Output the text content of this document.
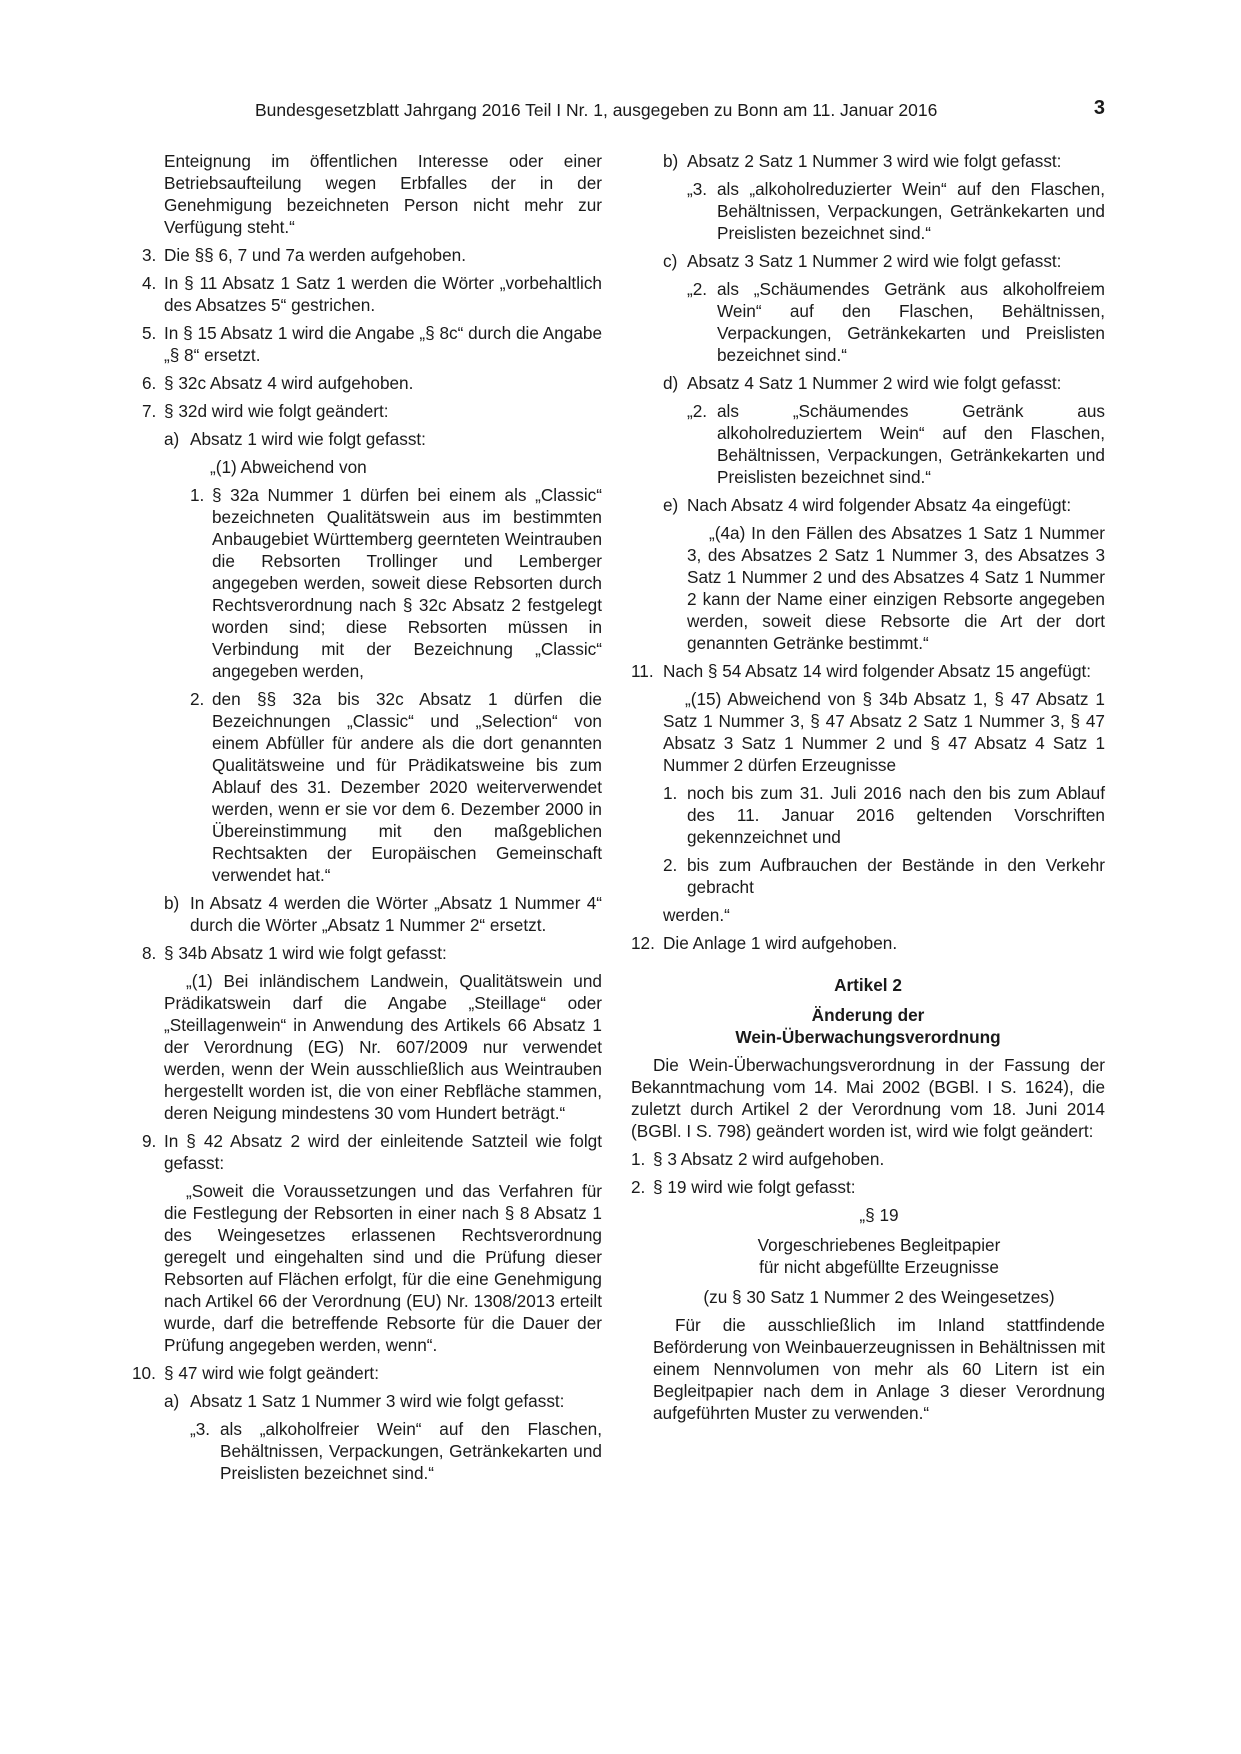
Bundesgesetzblatt Jahrgang 2016 Teil I Nr. 1, ausgegeben zu Bonn am 11. Januar 2016	3

Enteignung im öffentlichen Interesse oder einer Betriebsaufteilung wegen Erbfalles der in der Genehmigung bezeichneten Person nicht mehr zur Verfügung steht.“

3. Die §§ 6, 7 und 7a werden aufgehoben.
4. In § 11 Absatz 1 Satz 1 werden die Wörter „vorbehaltlich des Absatzes 5“ gestrichen.
5. In § 15 Absatz 1 wird die Angabe „§ 8c“ durch die Angabe „§ 8“ ersetzt.
6. § 32c Absatz 4 wird aufgehoben.
7. § 32d wird wie folgt geändert:
a) Absatz 1 wird wie folgt gefasst:

„(1) Abweichend von

1. § 32a Nummer 1 dürfen bei einem als „Classic“ bezeichneten Qualitätswein aus im bestimmten Anbaugebiet Württemberg geernteten Weintrauben die Rebsorten Trollinger und Lemberger angegeben werden, soweit diese Rebsorten durch Rechtsverordnung nach § 32c Absatz 2 festgelegt worden sind; diese Rebsorten müssen in Verbindung mit der Bezeichnung „Classic“ angegeben werden,
2. den §§ 32a bis 32c Absatz 1 dürfen die Bezeichnungen „Classic“ und „Selection“ von einem Abfüller für andere als die dort genannten Qualitätsweine und für Prädikatsweine bis zum Ablauf des 31. Dezember 2020 weiterverwendet werden, wenn er sie vor dem 6. Dezember 2000 in Übereinstimmung mit den maßgeblichen Rechtsakten der Europäischen Gemeinschaft verwendet hat.“
b) In Absatz 4 werden die Wörter „Absatz 1 Nummer 4“ durch die Wörter „Absatz 1 Nummer 2“ ersetzt.
8. § 34b Absatz 1 wird wie folgt gefasst:

„(1) Bei inländischem Landwein, Qualitätswein und Prädikatswein darf die Angabe „Steillage“ oder „Steillagenwein“ in Anwendung des Artikels 66 Absatz 1 der Verordnung (EG) Nr. 607/2009 nur verwendet werden, wenn der Wein ausschließlich aus Weintrauben hergestellt worden ist, die von einer Rebfläche stammen, deren Neigung mindestens 30 vom Hundert beträgt.“

9. In § 42 Absatz 2 wird der einleitende Satzteil wie folgt gefasst:

„Soweit die Voraussetzungen und das Verfahren für die Festlegung der Rebsorten in einer nach § 8 Absatz 1 des Weingesetzes erlassenen Rechtsverordnung geregelt und eingehalten sind und die Prüfung dieser Rebsorten auf Flächen erfolgt, für die eine Genehmigung nach Artikel 66 der Verordnung (EU) Nr. 1308/2013 erteilt wurde, darf die betreffende Rebsorte für die Dauer der Prüfung angegeben werden, wenn“.

10. § 47 wird wie folgt geändert:
a) Absatz 1 Satz 1 Nummer 3 wird wie folgt gefasst:
„3. als „alkoholfreier Wein“ auf den Flaschen, Behältnissen, Verpackungen, Getränkekarten und Preislisten bezeichnet sind.“
b) Absatz 2 Satz 1 Nummer 3 wird wie folgt gefasst:
„3. als „alkoholreduzierter Wein“ auf den Flaschen, Behältnissen, Verpackungen, Getränkekarten und Preislisten bezeichnet sind.“
c) Absatz 3 Satz 1 Nummer 2 wird wie folgt gefasst:
„2. als „Schäumendes Getränk aus alkoholfreiem Wein“ auf den Flaschen, Behältnissen, Verpackungen, Getränkekarten und Preislisten bezeichnet sind.“
d) Absatz 4 Satz 1 Nummer 2 wird wie folgt gefasst:
„2. als „Schäumendes Getränk aus alkoholreduziertem Wein“ auf den Flaschen, Behältnissen, Verpackungen, Getränkekarten und Preislisten bezeichnet sind.“
e) Nach Absatz 4 wird folgender Absatz 4a eingefügt:

„(4a) In den Fällen des Absatzes 1 Satz 1 Nummer 3, des Absatzes 2 Satz 1 Nummer 3, des Absatzes 3 Satz 1 Nummer 2 und des Absatzes 4 Satz 1 Nummer 2 kann der Name einer einzigen Rebsorte angegeben werden, soweit diese Rebsorte die Art der dort genannten Getränke bestimmt.“

11. Nach § 54 Absatz 14 wird folgender Absatz 15 angefügt:

„(15) Abweichend von § 34b Absatz 1, § 47 Absatz 1 Satz 1 Nummer 3, § 47 Absatz 2 Satz 1 Nummer 3, § 47 Absatz 3 Satz 1 Nummer 2 und § 47 Absatz 4 Satz 1 Nummer 2 dürfen Erzeugnisse

1. noch bis zum 31. Juli 2016 nach den bis zum Ablauf des 11. Januar 2016 geltenden Vorschriften gekennzeichnet und
2. bis zum Aufbrauchen der Bestände in den Verkehr gebracht

werden.“

12. Die Anlage 1 wird aufgehoben.
Artikel 2
Änderung der
Wein-Überwachungsverordnung

Die Wein-Überwachungsverordnung in der Fassung der Bekanntmachung vom 14. Mai 2002 (BGBl. I S. 1624), die zuletzt durch Artikel 2 der Verordnung vom 18. Juni 2014 (BGBl. I S. 798) geändert worden ist, wird wie folgt geändert:

1. § 3 Absatz 2 wird aufgehoben.
2. § 19 wird wie folgt gefasst:
„§ 19
Vorgeschriebenes Begleitpapier
für nicht abgefüllte Erzeugnisse
(zu § 30 Satz 1 Nummer 2 des Weingesetzes)

Für die ausschließlich im Inland stattfindende Beförderung von Weinbauerzeugnissen in Behältnissen mit einem Nennvolumen von mehr als 60 Litern ist ein Begleitpapier nach dem in Anlage 3 dieser Verordnung aufgeführten Muster zu verwenden.“
